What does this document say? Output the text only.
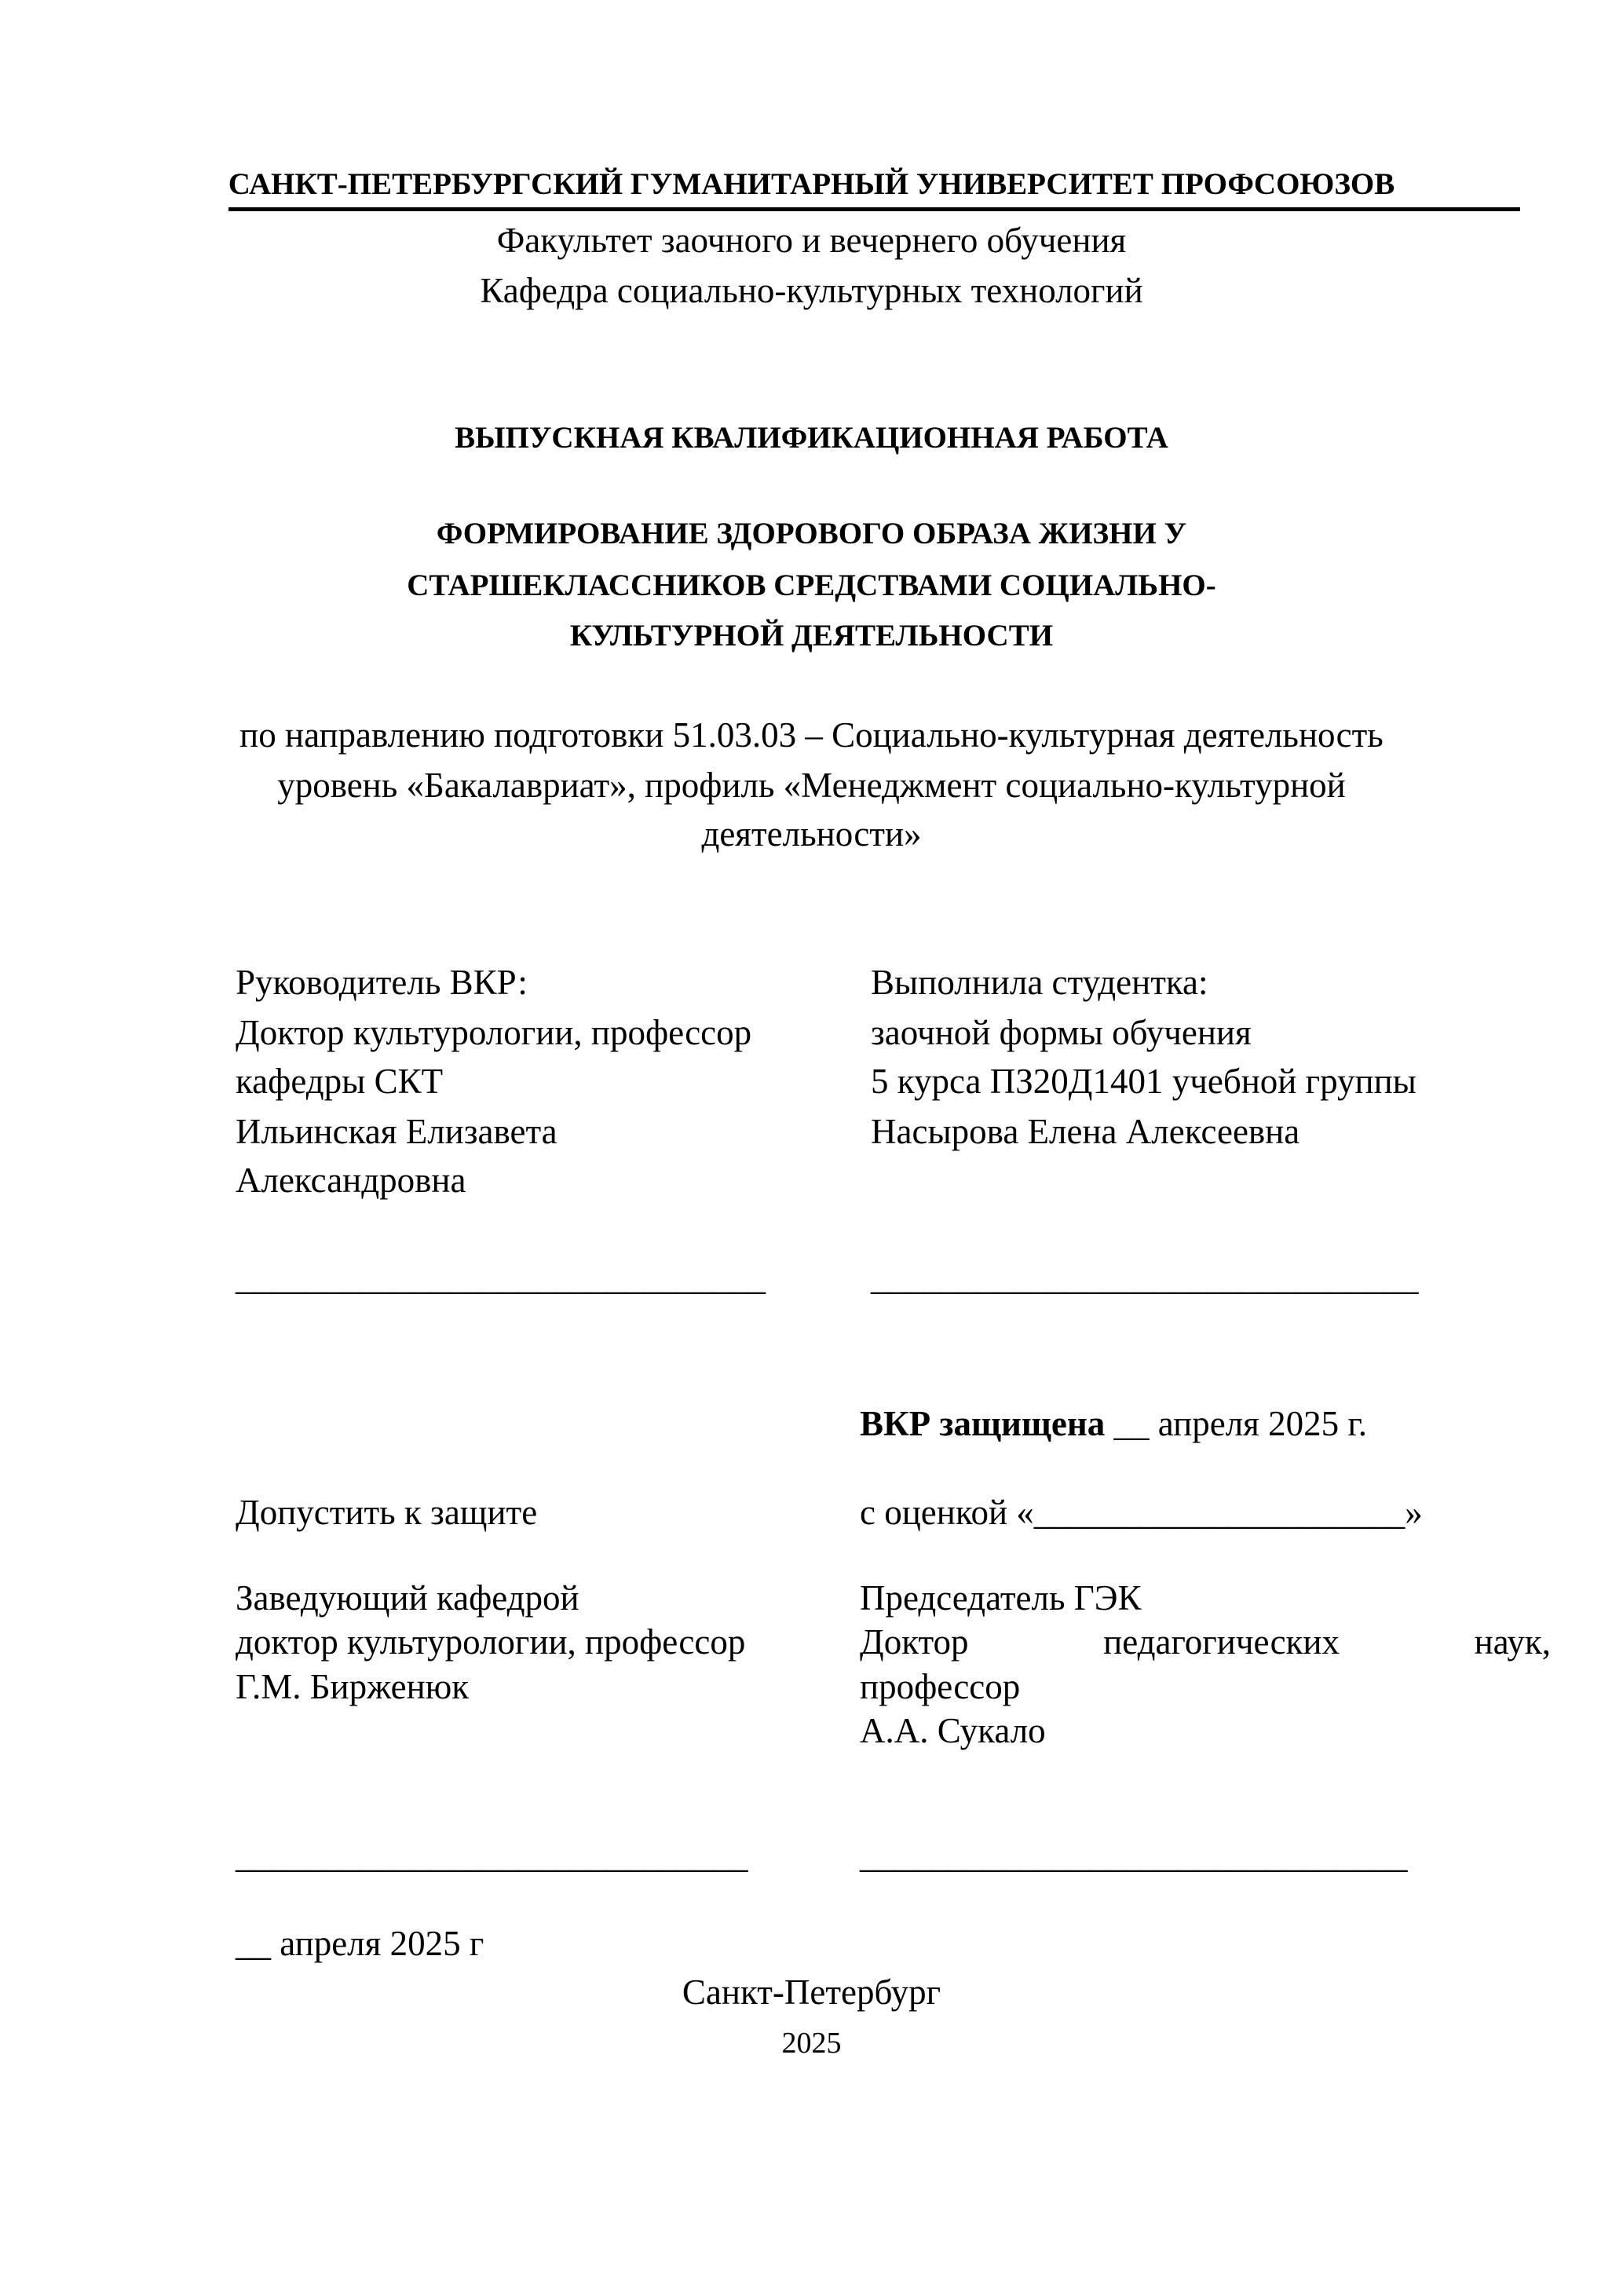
САНКТ-ПЕТЕРБУРГСКИЙ ГУМАНИТАРНЫЙ УНИВЕРСИТЕТ ПРОФСОЮЗОВ
Факультет заочного и вечернего обучения
Кафедра социально-культурных технологий
ВЫПУСКНАЯ КВАЛИФИКАЦИОННАЯ РАБОТА
ФОРМИРОВАНИЕ ЗДОРОВОГО ОБРАЗА ЖИЗНИ У
СТАРШЕКЛАССНИКОВ СРЕДСТВАМИ СОЦИАЛЬНО-
КУЛЬТУРНОЙ ДЕЯТЕЛЬНОСТИ
по направлению подготовки 51.03.03 – Социально-культурная деятельность
уровень «Бакалавриат», профиль «Менеджмент социально-культурной
деятельности»
Руководитель ВКР:
Доктор культурологии, профессор
кафедры СКТ
Ильинская Елизавета
Александровна
Выполнила студентка:
заочной формы обучения
5 курса ПЗ20Д1401 учебной группы
Насырова Елена Алексеевна
______________________________	_______________________________
ВКР защищена __ апреля 2025 г.
Допустить к защите	с оценкой «_____________________»
Заведующий кафедрой
доктор культурологии, профессор
Г.М. Бирженюк
Председатель ГЭК
Доктор	педагогических	наук,
профессор
А.А. Сукало
_____________________________	_______________________________
__ апреля 2025 г
Санкт-Петербург
2025
